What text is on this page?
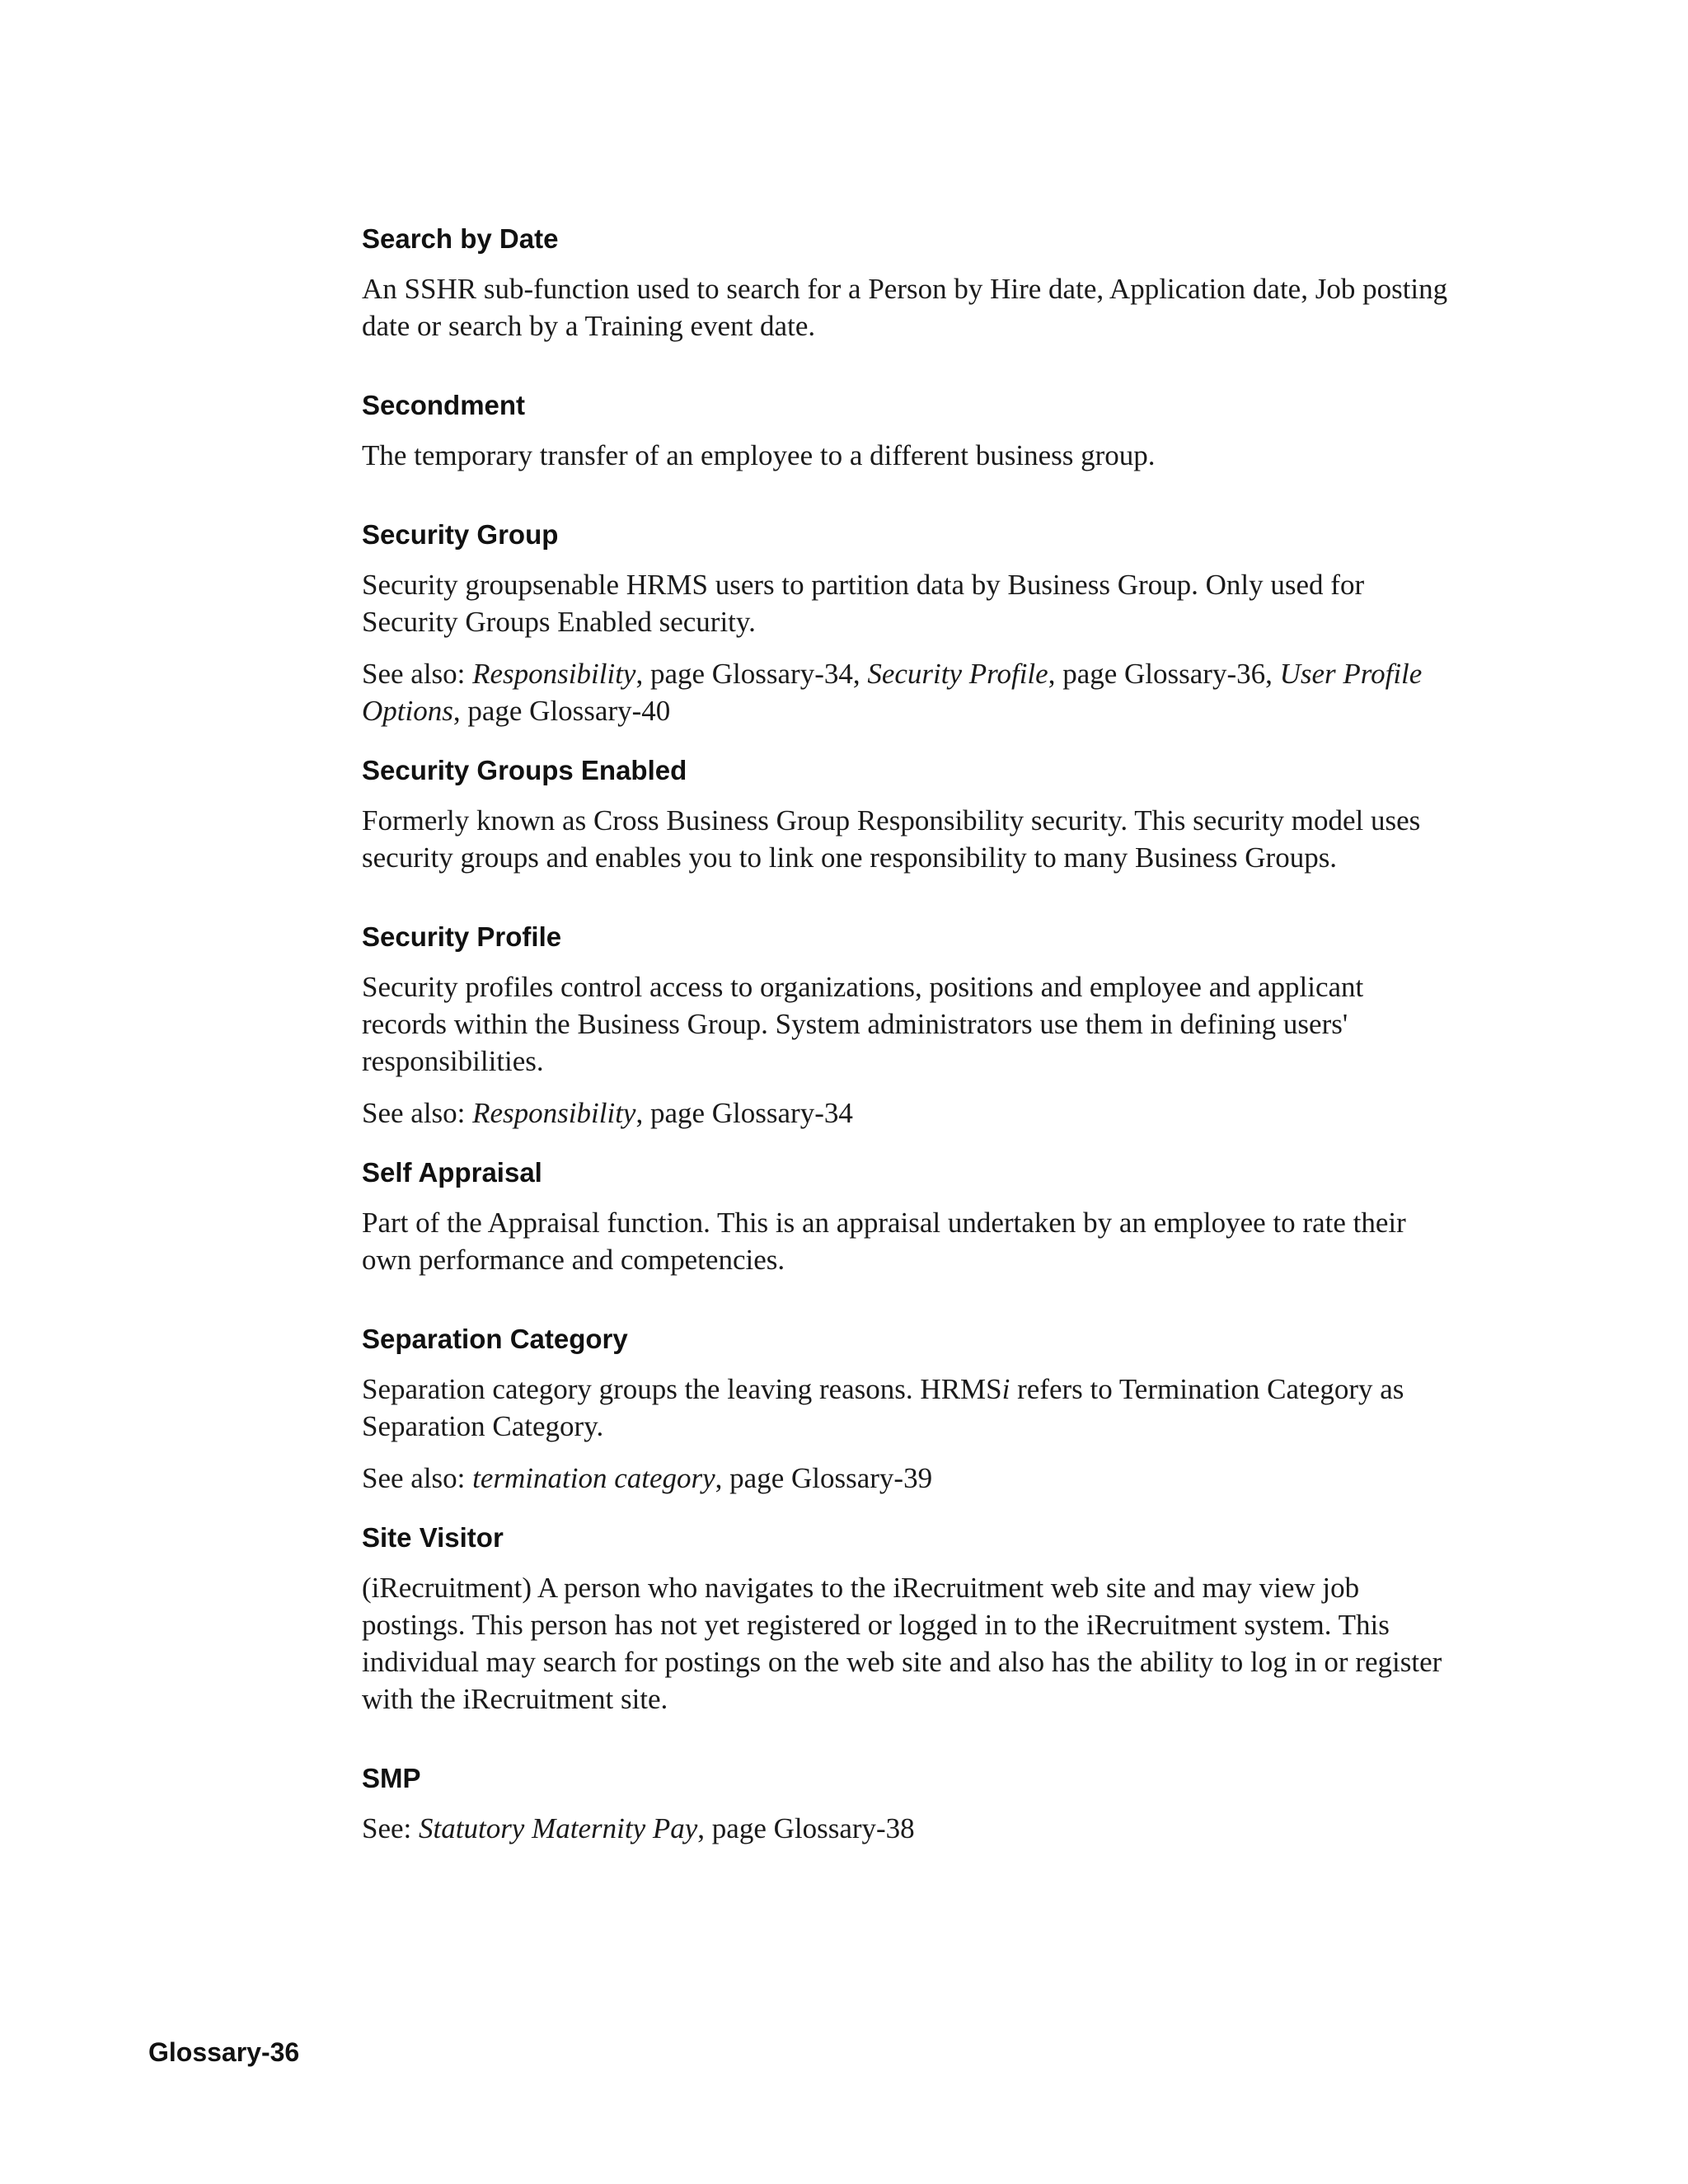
Search by Date

An SSHR sub-function used to search for a Person by Hire date, Application date, Job posting date or search by a Training event date.

Secondment

The temporary transfer of an employee to a different business group.

Security Group

Security groupsenable HRMS users to partition data by Business Group. Only used for Security Groups Enabled security.

See also: Responsibility, page Glossary-34, Security Profile, page Glossary-36, User Profile Options, page Glossary-40

Security Groups Enabled

Formerly known as Cross Business Group Responsibility security. This security model uses security groups and enables you to link one responsibility to many Business Groups.

Security Profile

Security profiles control access to organizations, positions and employee and applicant records within the Business Group. System administrators use them in defining users' responsibilities.

See also: Responsibility, page Glossary-34

Self Appraisal

Part of the Appraisal function. This is an appraisal undertaken by an employee to rate their own performance and competencies.

Separation Category

Separation category groups the leaving reasons. HRMSi refers to Termination Category as Separation Category.

See also: termination category, page Glossary-39

Site Visitor

(iRecruitment) A person who navigates to the iRecruitment web site and may view job postings. This person has not yet registered or logged in to the iRecruitment system. This individual may search for postings on the web site and also has the ability to log in or register with the iRecruitment site.

SMP

See: Statutory Maternity Pay, page Glossary-38

Glossary-36
